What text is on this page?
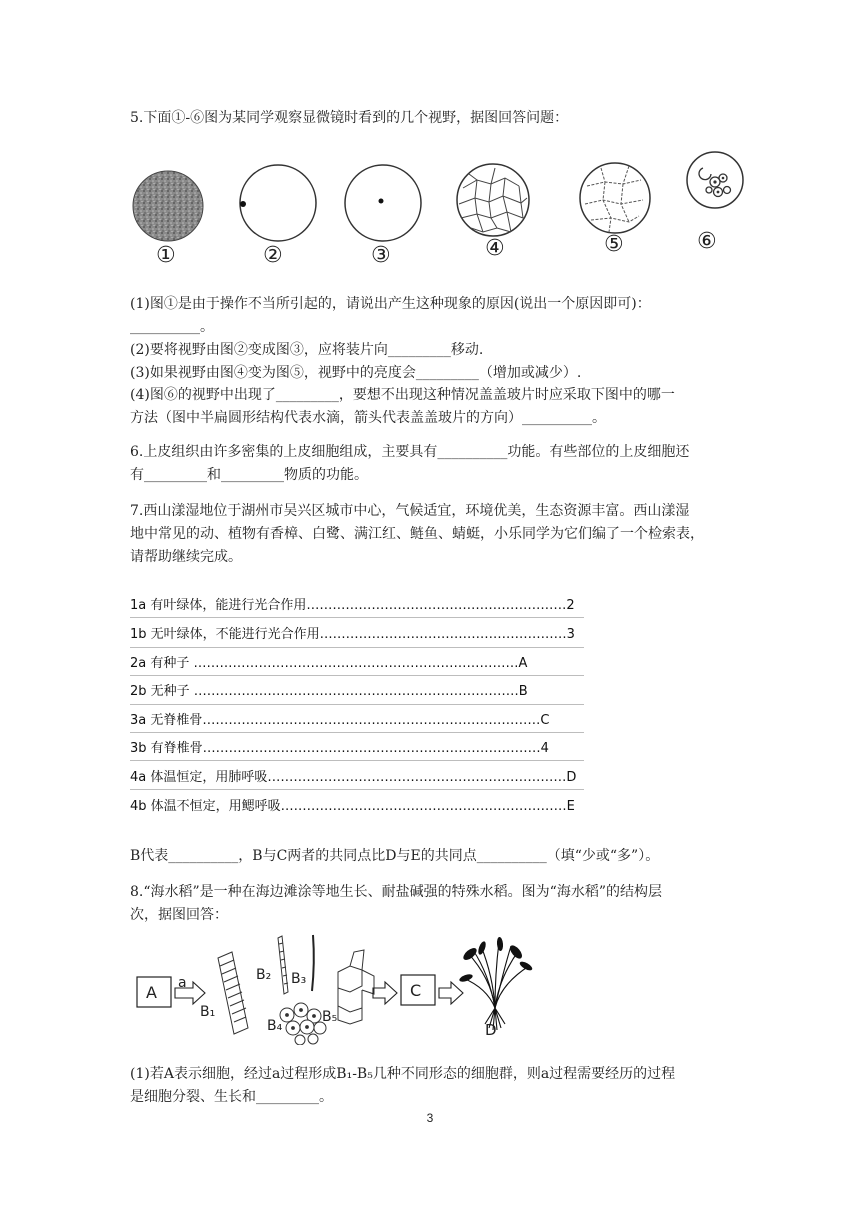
5.下面①-⑥图为某同学观察显微镜时看到的几个视野，据图回答问题：

①	②	③	④	⑤	⑥

(1)图①是由于操作不当所引起的，请说出产生这种现象的原因(说出一个原因即可)：

__________。

(2)要将视野由图②变成图③，应将装片向_________移动.

(3)如果视野由图④变为图⑤，视野中的亮度会_________（增加或减少）.

(4)图⑥的视野中出现了_________，要想不出现这种情况盖盖玻片时应采取下图中的哪一

方法（图中半扁圆形结构代表水滴，箭头代表盖盖玻片的方向）__________。

6.上皮组织由许多密集的上皮细胞组成，主要具有__________功能。有些部位的上皮细胞还

有_________和_________物质的功能。

7.西山漾湿地位于湖州市吴兴区城市中心，气候适宜，环境优美，生态资源丰富。西山漾湿

地中常见的动、植物有香樟、白鹭、满江红、鲢鱼、蜻蜓，小乐同学为它们编了一个检索表，

请帮助继续完成。

1a 有叶绿体，能进行光合作用……………………………………………………2
1b 无叶绿体，不能进行光合作用…………………………………………………3
2a 有种子 …………………………………………………………………A
2b 无种子 …………………………………………………………………B
3a 无脊椎骨……………………………………………………………………C
3b 有脊椎骨……………………………………………………………………4
4a 体温恒定，用肺呼吸……………………………………………………………D
4b 体温不恒定，用鳃呼吸…………………………………………………………E

B代表__________，B与C两者的共同点比D与E的共同点__________（填“少或“多”）。

8.“海水稻”是一种在海边滩涂等地生长、耐盐碱强的特殊水稻。图为“海水稻”的结构层

次，据图回答：

A a
B₁
B₂ B₃
B₄
B₅
C
D

(1)若A表示细胞，经过a过程形成B₁-B₅几种不同形态的细胞群，则a过程需要经历的过程

是细胞分裂、生长和_________。

3
